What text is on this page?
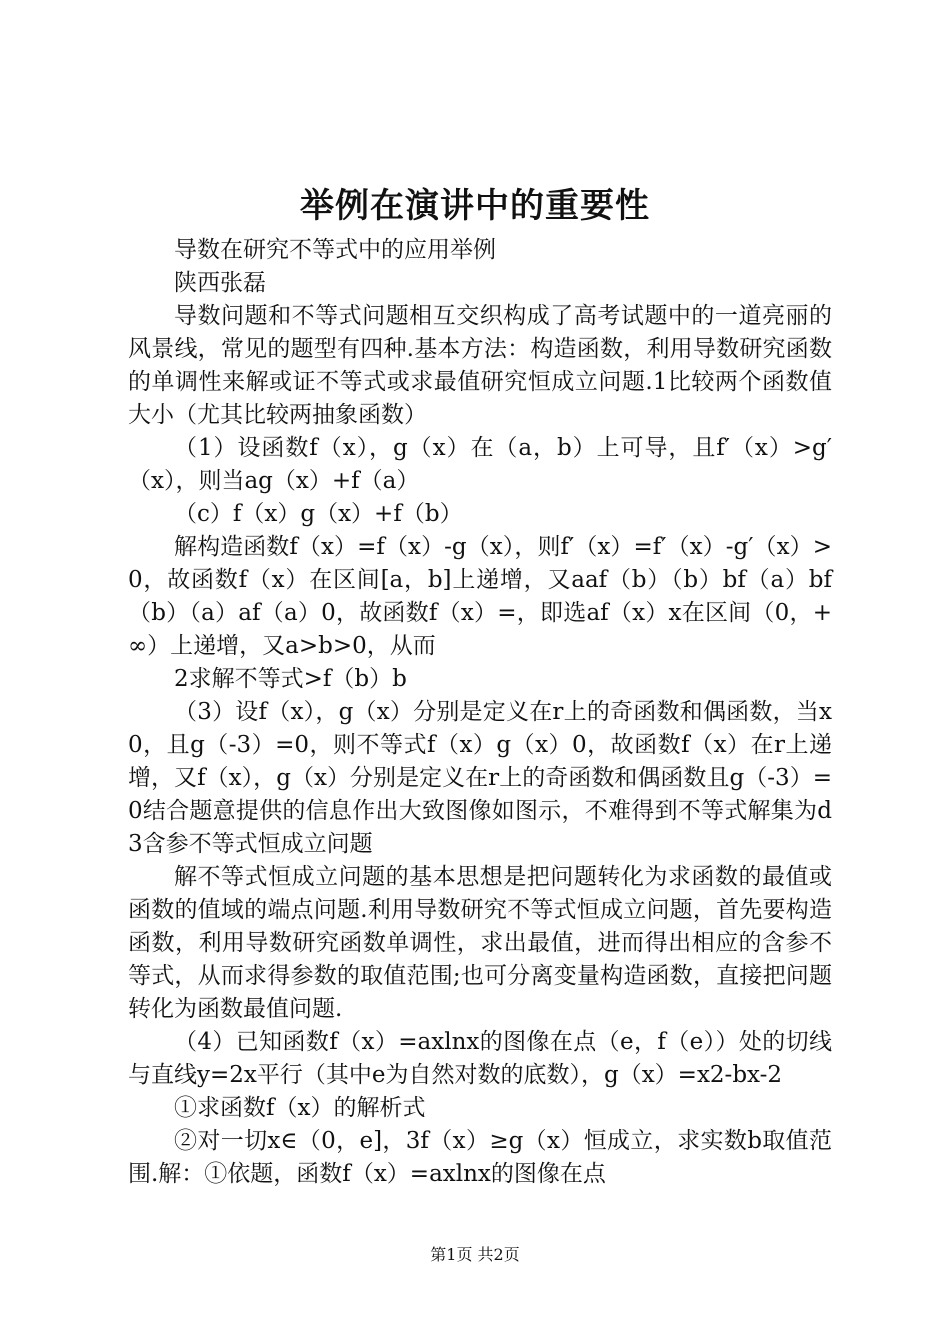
举例在演讲中的重要性

导数在研究不等式中的应用举例

陕西张磊

导数问题和不等式问题相互交织构成了高考试题中的一道亮丽的风景线，常见的题型有四种.基本方法：构造函数，利用导数研究函数的单调性来解或证不等式或求最值研究恒成立问题.1比较两个函数值大小（尤其比较两抽象函数）

（1）设函数f（x），g（x）在（a，b）上可导，且f′（x）>g′（x），则当ag（x）+f（a）

（c）f（x）g（x）+f（b）

解构造函数f（x）=f（x）-g（x），则f′（x）=f′（x）-g′（x）>0，故函数f（x）在区间[a，b]上递增，又aaf（b）（b）bf（a）bf（b）（a）af（a）0，故函数f（x）=，即选af（x）x在区间（0，+∞）上递增，又a>b>0，从而

2求解不等式>f（b）b

（3）设f（x），g（x）分别是定义在r上的奇函数和偶函数，当x0，且g（-3）=0，则不等式f（x）g（x）0，故函数f（x）在r上递增，又f（x），g（x）分别是定义在r上的奇函数和偶函数且g（-3）=0结合题意提供的信息作出大致图像如图示，不难得到不等式解集为d3含参不等式恒成立问题

解不等式恒成立问题的基本思想是把问题转化为求函数的最值或函数的值域的端点问题.利用导数研究不等式恒成立问题，首先要构造函数，利用导数研究函数单调性，求出最值，进而得出相应的含参不等式，从而求得参数的取值范围;也可分离变量构造函数，直接把问题转化为函数最值问题.

（4）已知函数f（x）=axlnx的图像在点（e，f（e））处的切线与直线y=2x平行（其中e为自然对数的底数），g（x）=x2-bx-2

①求函数f（x）的解析式

②对一切x∈（0，e]，3f（x）≥g（x）恒成立，求实数b取值范围.解：①依题，函数f（x）=axlnx的图像在点

第1页 共2页
